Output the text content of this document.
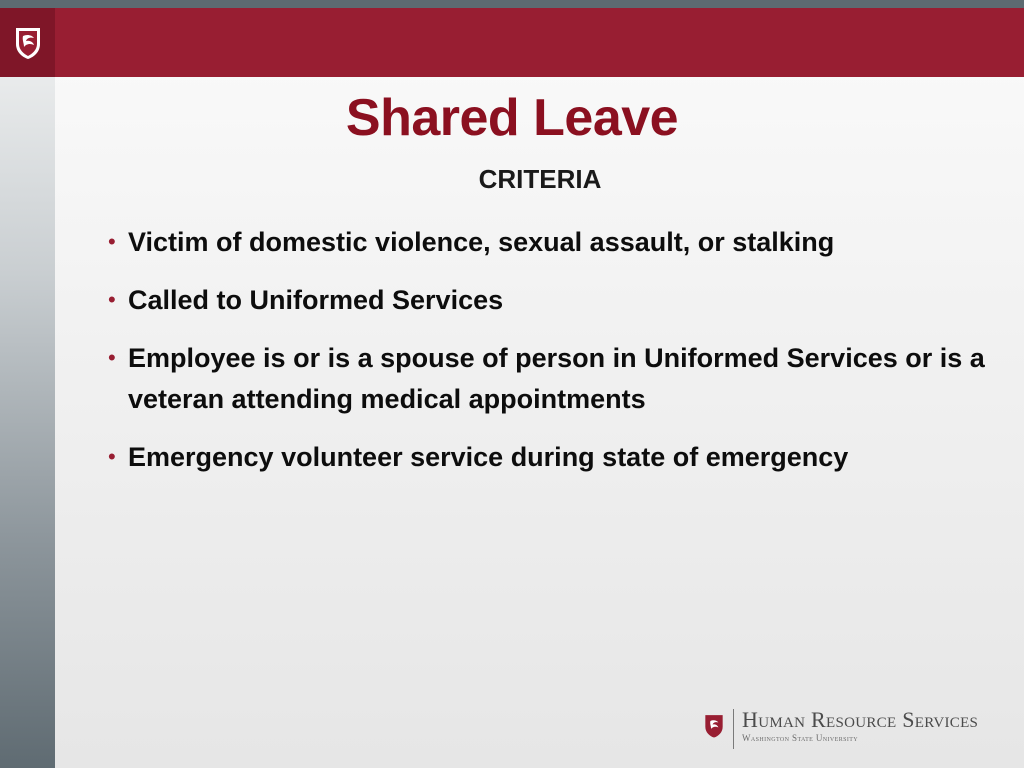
Shared Leave
CRITERIA
• Victim of domestic violence, sexual assault, or stalking
• Called to Uniformed Services
• Employee is or is a spouse of person in Uniformed Services or is a veteran attending medical appointments
• Emergency volunteer service during state of emergency
Human Resource Services
Washington State University
